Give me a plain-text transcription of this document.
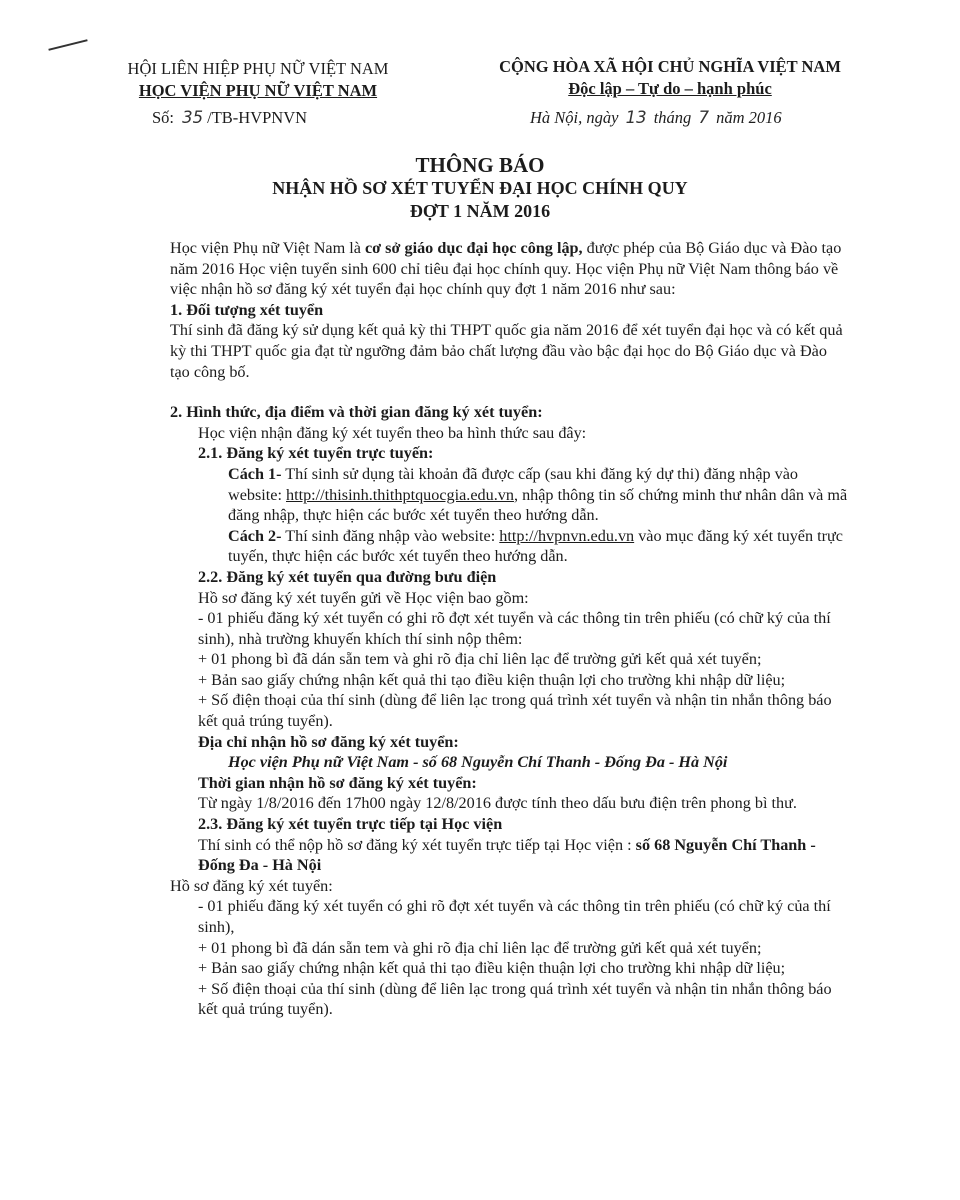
HỘI LIÊN HIỆP PHỤ NỮ VIỆT NAM
HỌC VIỆN PHỤ NỮ VIỆT NAM
Số: 35 /TB-HVPNVN
CỘNG HÒA XÃ HỘI CHỦ NGHĨA VIỆT NAM
Độc lập – Tự do – hạnh phúc
Hà Nội, ngày 13 tháng 7 năm 2016
THÔNG BÁO
NHẬN HỒ SƠ XÉT TUYỂN ĐẠI HỌC CHÍNH QUY
ĐỢT 1 NĂM 2016

Học viện Phụ nữ Việt Nam là cơ sở giáo dục đại học công lập, được phép của Bộ Giáo dục và Đào tạo năm 2016 Học viện tuyển sinh 600 chỉ tiêu đại học chính quy. Học viện Phụ nữ Việt Nam thông báo về việc nhận hồ sơ đăng ký xét tuyển đại học chính quy đợt 1 năm 2016 như sau:

1. Đối tượng xét tuyển

Thí sinh đã đăng ký sử dụng kết quả kỳ thi THPT quốc gia năm 2016 để xét tuyển đại học và có kết quả kỳ thi THPT quốc gia đạt từ ngưỡng đảm bảo chất lượng đầu vào bậc đại học do Bộ Giáo dục và Đào tạo công bố.

2. Hình thức, địa điểm và thời gian đăng ký xét tuyển:

Học viện nhận đăng ký xét tuyển theo ba hình thức sau đây:

2.1. Đăng ký xét tuyển trực tuyến:

Cách 1- Thí sinh sử dụng tài khoản đã được cấp (sau khi đăng ký dự thi) đăng nhập vào website: http://thisinh.thithptquocgia.edu.vn, nhập thông tin số chứng minh thư nhân dân và mã đăng nhập, thực hiện các bước xét tuyển theo hướng dẫn.

Cách 2- Thí sinh đăng nhập vào website: http://hvpnvn.edu.vn vào mục đăng ký xét tuyển trực tuyến, thực hiện các bước xét tuyển theo hướng dẫn.

2.2. Đăng ký xét tuyển qua đường bưu điện

Hồ sơ đăng ký xét tuyển gửi về Học viện bao gồm:

- 01 phiếu đăng ký xét tuyển có ghi rõ đợt xét tuyển và các thông tin trên phiếu (có chữ ký của thí sinh), nhà trường khuyến khích thí sinh nộp thêm:

+ 01 phong bì đã dán sẵn tem và ghi rõ địa chỉ liên lạc để trường gửi kết quả xét tuyển;

+ Bản sao giấy chứng nhận kết quả thi tạo điều kiện thuận lợi cho trường khi nhập dữ liệu;

+ Số điện thoại của thí sinh (dùng để liên lạc trong quá trình xét tuyển và nhận tin nhắn thông báo kết quả trúng tuyển).

Địa chỉ nhận hồ sơ đăng ký xét tuyển:

Học viện Phụ nữ Việt Nam - số 68 Nguyễn Chí Thanh - Đống Đa - Hà Nội

Thời gian nhận hồ sơ đăng ký xét tuyển:

Từ ngày 1/8/2016 đến 17h00 ngày 12/8/2016 được tính theo dấu bưu điện trên phong bì thư.

2.3. Đăng ký xét tuyển trực tiếp tại Học viện

Thí sinh có thể nộp hồ sơ đăng ký xét tuyển trực tiếp tại Học viện : số 68 Nguyễn Chí Thanh - Đống Đa - Hà Nội

Hồ sơ đăng ký xét tuyển:

- 01 phiếu đăng ký xét tuyển có ghi rõ đợt xét tuyển và các thông tin trên phiếu (có chữ ký của thí sinh),

+ 01 phong bì đã dán sẵn tem và ghi rõ địa chỉ liên lạc để trường gửi kết quả xét tuyển;

+ Bản sao giấy chứng nhận kết quả thi tạo điều kiện thuận lợi cho trường khi nhập dữ liệu;

+ Số điện thoại của thí sinh (dùng để liên lạc trong quá trình xét tuyển và nhận tin nhắn thông báo kết quả trúng tuyển).
